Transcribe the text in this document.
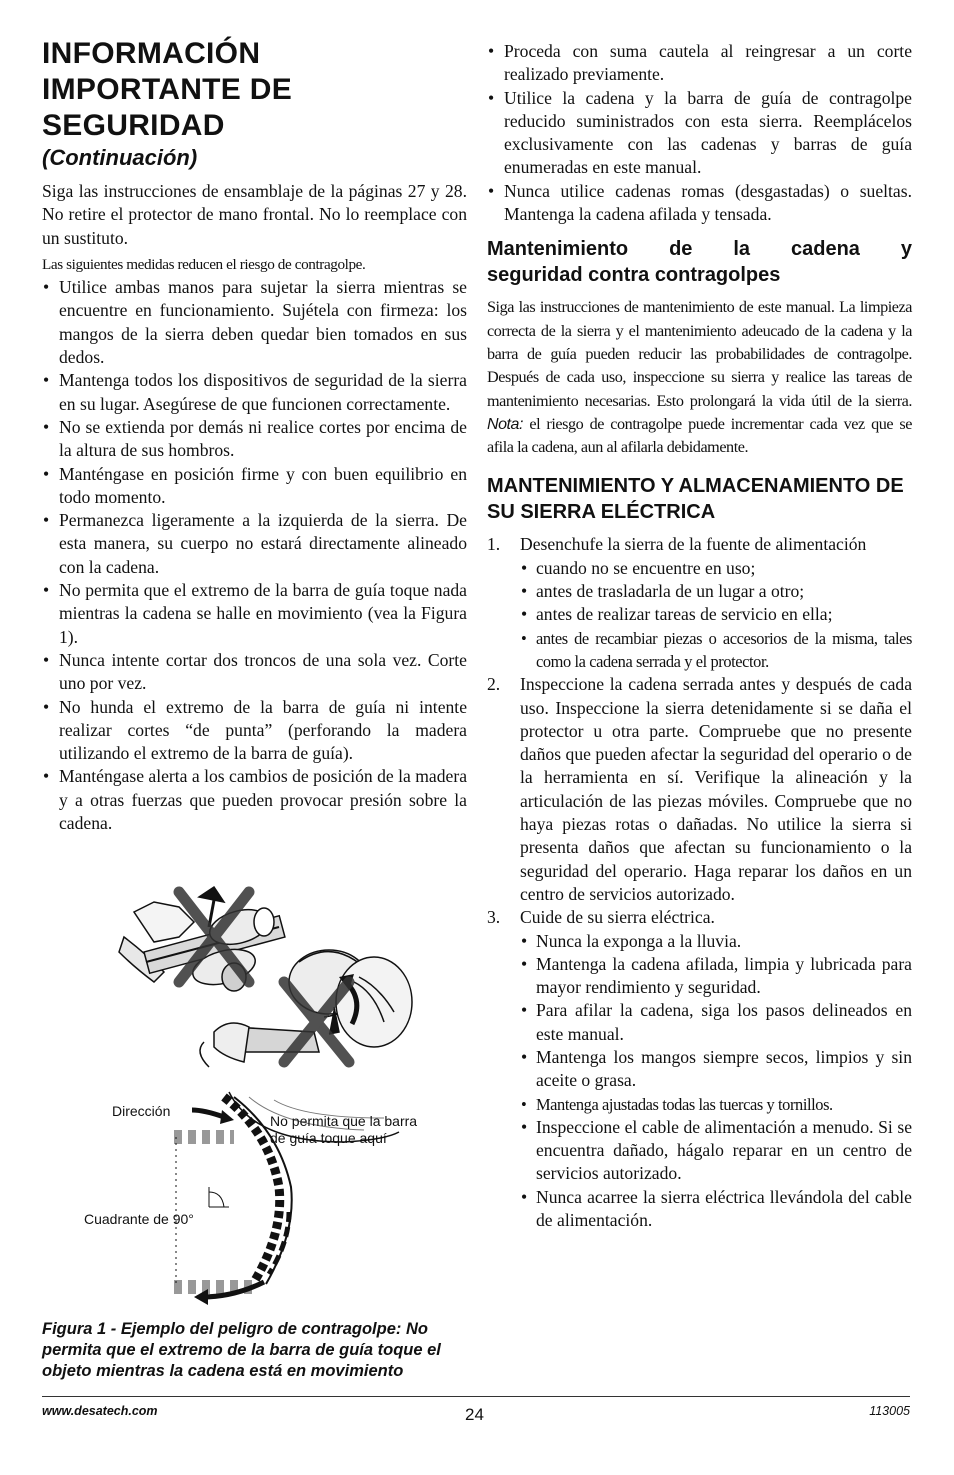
INFORMACIÓN
IMPORTANTE DE
SEGURIDAD
(Continuación)

Siga las instrucciones de ensamblaje de la páginas 27 y 28. No retire el protector de mano frontal. No lo reemplace con un sustituto.

Las siguientes medidas reducen el riesgo de contragolpe.

• Utilice ambas manos para sujetar la sierra mientras se encuentre en funcionamiento. Sujétela con firmeza: los mangos de la sierra deben quedar bien tomados en sus dedos.
• Mantenga todos los dispositivos de seguridad de la sierra en su lugar. Asegúrese de que funcionen correctamente.
• No se extienda por demás ni realice cortes por encima de la altura de sus hombros.
• Manténgase en posición firme y con buen equilibrio en todo momento.
• Permanezca ligeramente a la izquierda de la sierra. De esta manera, su cuerpo no estará directamente alineado con la cadena.
• No permita que el extremo de la barra de guía toque nada mientras la cadena se halle en movimiento (vea la Figura 1).
• Nunca intente cortar dos troncos de una sola vez. Corte uno por vez.
• No hunda el extremo de la barra de guía ni intente realizar cortes “de punta” (perforando la madera utilizando el extremo de la barra de guía).
• Manténgase alerta a los cambios de posición de la madera y a otras fuerzas que pueden provocar presión sobre la cadena.
Dirección
No permita que la barra
de guía toque aquí
Cuadrante de 90°
Figura 1 - Ejemplo del peligro de contragolpe: No permita que el extremo de la barra de guía toque el objeto mientras la cadena está en movimiento
• Proceda con suma cautela al reingresar a un corte realizado previamente.
• Utilice la cadena y la barra de guía de contragolpe reducido suministrados con esta sierra. Reemplácelos exclusivamente con las cadenas y barras de guía enumeradas en este manual.
• Nunca utilice cadenas romas (desgastadas) o sueltas. Mantenga la cadena afilada y tensada.
Mantenimiento de la cadena y
seguridad contra contragolpes

Siga las instrucciones de mantenimiento de este manual. La limpieza correcta de la sierra y el mantenimiento adeucado de la cadena y la barra de guía pueden reducir las probabilidades de contragolpe. Después de cada uso, inspeccione su sierra y realice las tareas de mantenimiento necesarias. Esto prolongará la vida útil de la sierra. Nota: el riesgo de contragolpe puede incrementar cada vez que se afila la cadena, aun al afilarla debidamente.

MANTENIMIENTO Y ALMACENAMIENTO DE SU SIERRA ELÉCTRICA
1. Desenchufe la sierra de la fuente de alimentación
• cuando no se encuentre en uso;
• antes de trasladarla de un lugar a otro;
• antes de realizar tareas de servicio en ella;
• antes de recambiar piezas o accesorios de la misma, tales como la cadena serrada y el protector.
2. Inspeccione la cadena serrada antes y después de cada uso. Inspeccione la sierra detenidamente si se daña el protector u otra parte. Compruebe que no presente daños que pueden afectar la seguridad del operario o de la herramienta en sí. Verifique la alineación y la articulación de las piezas móviles. Compruebe que no haya piezas rotas o dañadas. No utilice la sierra si presenta daños que afectan su funcionamiento o la seguridad del operario. Haga reparar los daños en un centro de servicios autorizado.
3. Cuide de su sierra eléctrica.
• Nunca la exponga a la lluvia.
• Mantenga la cadena afilada, limpia y lubricada para mayor rendimiento y seguridad.
• Para afilar la cadena, siga los pasos delineados en este manual.
• Mantenga los mangos siempre secos, limpios y sin aceite o grasa.
• Mantenga ajustadas todas las tuercas y tornillos.
• Inspeccione el cable de alimentación a menudo. Si se encuentra dañado, hágalo reparar en un centro de servicios autorizado.
• Nunca acarree la sierra eléctrica llevándola del cable de alimentación.
www.desatech.com	24	113005
